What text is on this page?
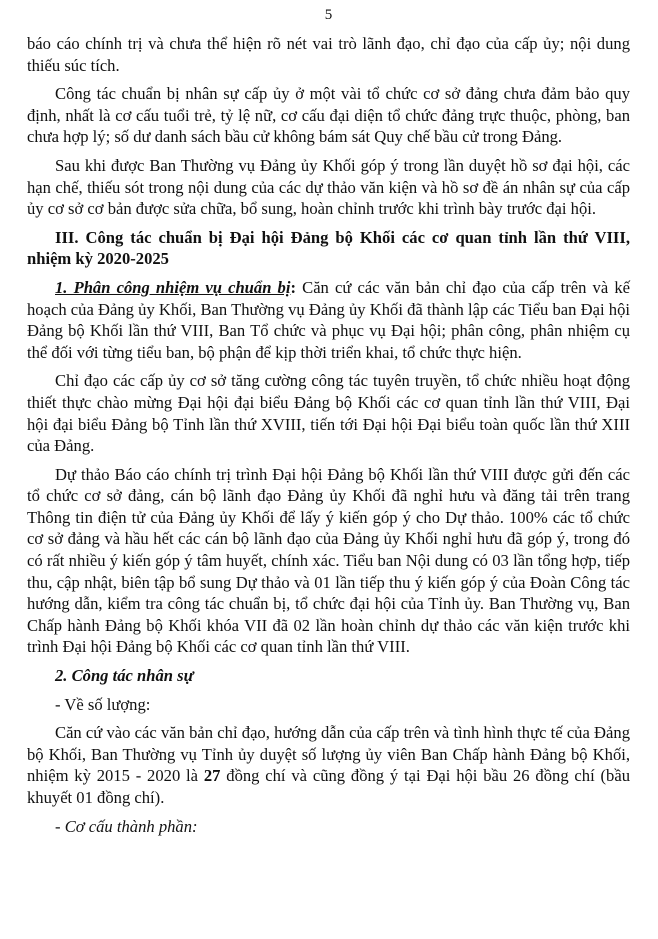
5

báo cáo chính trị và chưa thể hiện rõ nét vai trò lãnh đạo, chỉ đạo của cấp ủy; nội dung thiếu súc tích.

Công tác chuẩn bị nhân sự cấp ủy ở một vài tổ chức cơ sở đảng chưa đảm bảo quy định, nhất là cơ cấu tuổi trẻ, tỷ lệ nữ, cơ cấu đại diện tổ chức đảng trực thuộc, phòng, ban chưa hợp lý; số dư danh sách bầu cử không bám sát Quy chế bầu cử trong Đảng.

Sau khi được Ban Thường vụ Đảng ủy Khối góp ý trong lần duyệt hồ sơ đại hội, các hạn chế, thiếu sót trong nội dung của các dự thảo văn kiện và hồ sơ đề án nhân sự của cấp ủy cơ sở cơ bản được sửa chữa, bổ sung, hoàn chỉnh trước khi trình bày trước đại hội.

III. Công tác chuẩn bị Đại hội Đảng bộ Khối các cơ quan tỉnh lần thứ VIII, nhiệm kỳ 2020-2025

1. Phân công nhiệm vụ chuẩn bị: Căn cứ các văn bản chỉ đạo của cấp trên và kế hoạch của Đảng ủy Khối, Ban Thường vụ Đảng ủy Khối đã thành lập các Tiểu ban Đại hội Đảng bộ Khối lần thứ VIII, Ban Tổ chức và phục vụ Đại hội; phân công, phân nhiệm cụ thể đối với từng tiểu ban, bộ phận để kịp thời triển khai, tổ chức thực hiện.

Chỉ đạo các cấp ủy cơ sở tăng cường công tác tuyên truyền, tổ chức nhiều hoạt động thiết thực chào mừng Đại hội đại biểu Đảng bộ Khối các cơ quan tỉnh lần thứ VIII, Đại hội đại biểu Đảng bộ Tỉnh lần thứ XVIII, tiến tới Đại hội Đại biểu toàn quốc lần thứ XIII của Đảng.

Dự thảo Báo cáo chính trị trình Đại hội Đảng bộ Khối lần thứ VIII được gửi đến các tổ chức cơ sở đảng, cán bộ lãnh đạo Đảng ủy Khối đã nghỉ hưu và đăng tải trên trang Thông tin điện tử của Đảng ủy Khối để lấy ý kiến góp ý cho Dự thảo. 100% các tổ chức cơ sở đảng và hầu hết các cán bộ lãnh đạo của Đảng ủy Khối nghỉ hưu đã góp ý, trong đó có rất nhiều ý kiến góp ý tâm huyết, chính xác. Tiểu ban Nội dung có 03 lần tổng hợp, tiếp thu, cập nhật, biên tập bổ sung Dự thảo và 01 lần tiếp thu ý kiến góp ý của Đoàn Công tác hướng dẫn, kiểm tra công tác chuẩn bị, tổ chức đại hội của Tỉnh ủy. Ban Thường vụ, Ban Chấp hành Đảng bộ Khối khóa VII đã 02 lần hoàn chỉnh dự thảo các văn kiện trước khi trình Đại hội Đảng bộ Khối các cơ quan tỉnh lần thứ VIII.

2. Công tác nhân sự

- Về số lượng:

Căn cứ vào các văn bản chỉ đạo, hướng dẫn của cấp trên và tình hình thực tế của Đảng bộ Khối, Ban Thường vụ Tỉnh ủy duyệt số lượng ủy viên Ban Chấp hành Đảng bộ Khối, nhiệm kỳ 2015 - 2020 là 27 đồng chí và cũng đồng ý tại Đại hội bầu 26 đồng chí (bầu khuyết 01 đồng chí).

- Cơ cấu thành phần:
